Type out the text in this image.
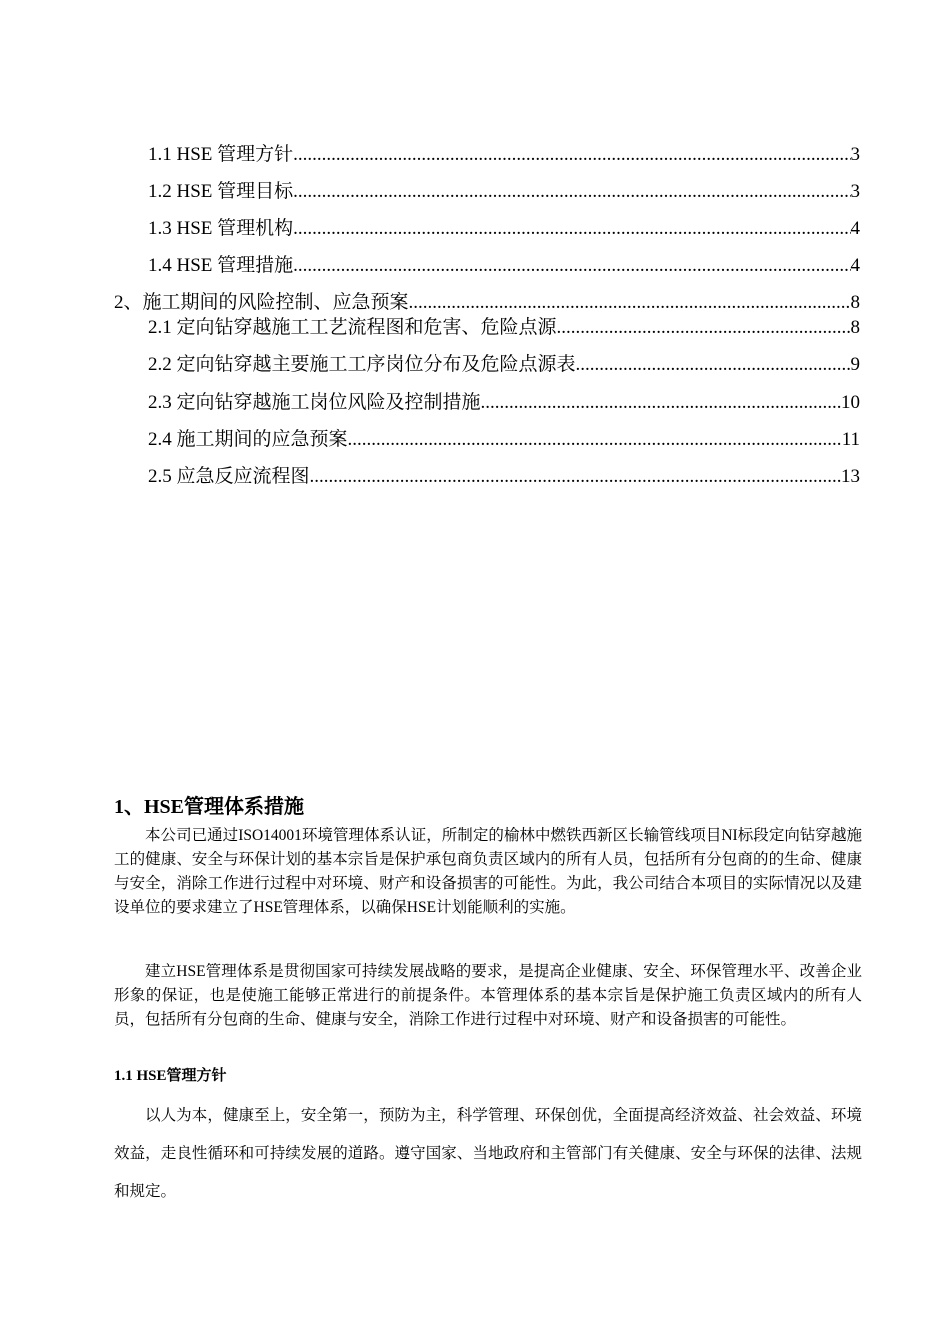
1.1 HSE 管理方针 .....	3
1.2 HSE 管理目标 .....	3
1.3 HSE 管理机构 .....	4
1.4 HSE 管理措施 .....	4
2、施工期间的风险控制、应急预案 .....	8
2.1 定向钻穿越施工工艺流程图和危害、危险点源 .....	8
2.2 定向钻穿越主要施工工序岗位分布及危险点源表 .....	9
2.3 定向钻穿越施工岗位风险及控制措施 .....	10
2.4 施工期间的应急预案 .....	11
2.5 应急反应流程图 .....	13
1、HSE管理体系措施

本公司已通过ISO14001环境管理体系认证，所制定的榆林中燃铁西新区长输管线项目NI标段定向钻穿越施工的健康、安全与环保计划的基本宗旨是保护承包商负责区域内的所有人员，包括所有分包商的的生命、健康与安全，消除工作进行过程中对环境、财产和设备损害的可能性。为此，我公司结合本项目的实际情况以及建设单位的要求建立了HSE管理体系，以确保HSE计划能顺利的实施。

建立HSE管理体系是贯彻国家可持续发展战略的要求，是提高企业健康、安全、环保管理水平、改善企业形象的保证，也是使施工能够正常进行的前提条件。本管理体系的基本宗旨是保护施工负责区域内的所有人员，包括所有分包商的生命、健康与安全，消除工作进行过程中对环境、财产和设备损害的可能性。

1.1 HSE管理方针

以人为本，健康至上，安全第一，预防为主，科学管理、环保创优，全面提高经济效益、社会效益、环境效益，走良性循环和可持续发展的道路。遵守国家、当地政府和主管部门有关健康、安全与环保的法律、法规和规定。
